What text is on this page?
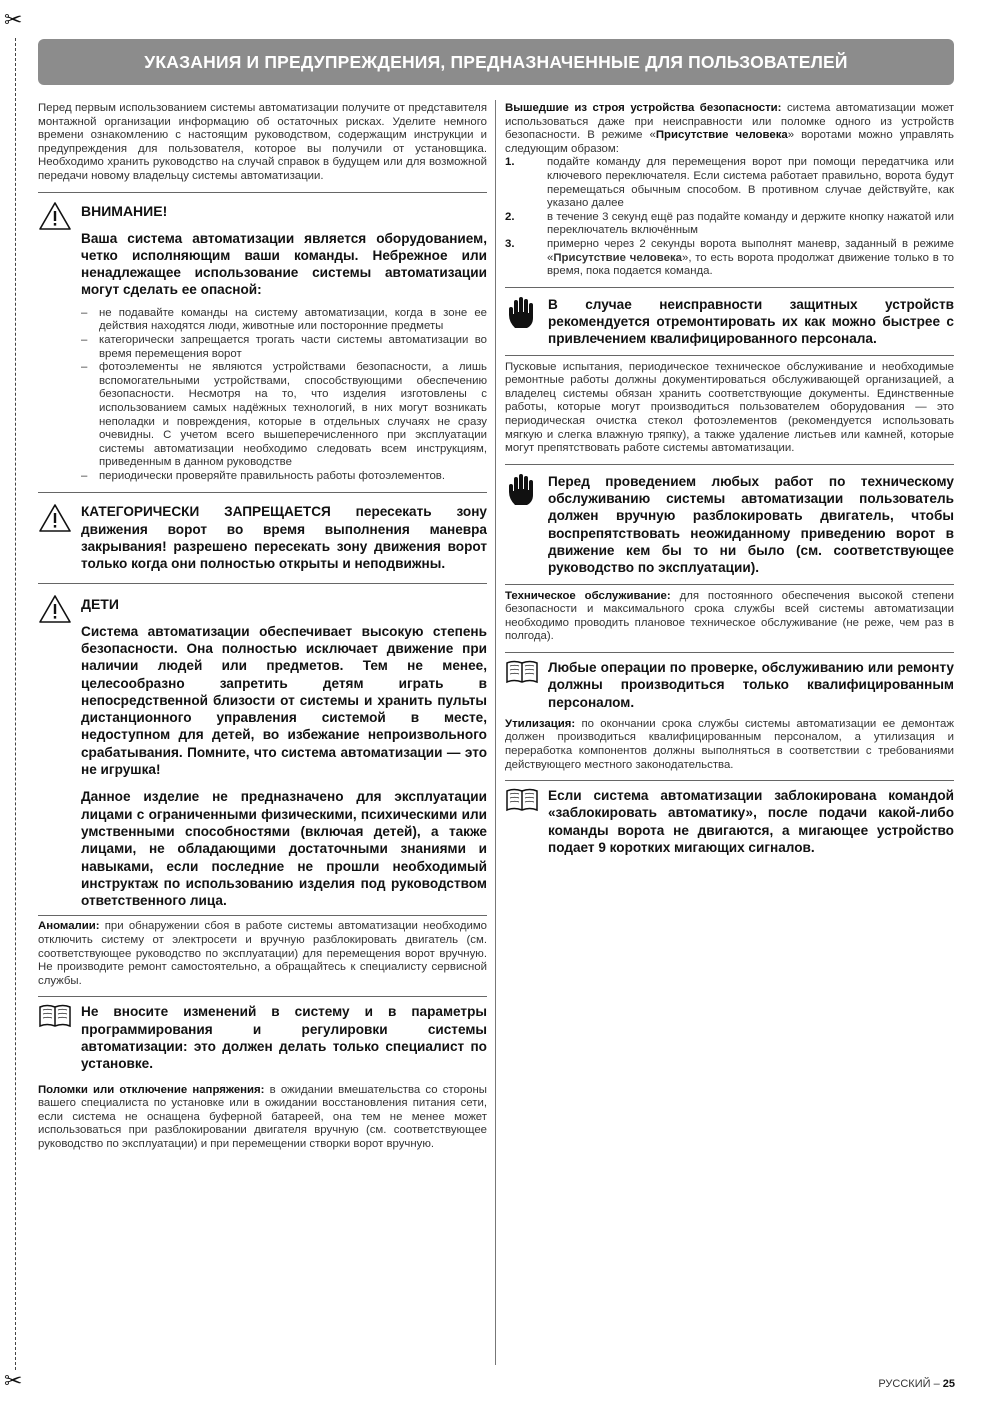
✂
✂
УКАЗАНИЯ И ПРЕДУПРЕЖДЕНИЯ, ПРЕДНАЗНАЧЕННЫЕ ДЛЯ ПОЛЬЗОВАТЕЛЕЙ

Перед первым использованием системы автоматизации получите от представителя монтажной организации информацию об остаточных рисках. Уделите немного времени ознакомлению с настоящим руководством, содержащим инструкции и предупреждения для пользователя, которое вы получили от установщика. Необходимо хранить руководство на случай справок в будущем или для возможной передачи новому владельцу системы автоматизации.

ВНИМАНИЕ!

Ваша система автоматизации является оборудованием, четко исполняющим ваши команды. Небрежное или ненадлежащее использование системы автоматизации могут сделать ее опасной:

– не подавайте команды на систему автоматизации, когда в зоне ее действия находятся люди, животные или посторонние предметы
– категорически запрещается трогать части системы автоматизации во время перемещения ворот
– фотоэлементы не являются устройствами безопасности, а лишь вспомогательными устройствами, способствующими обеспечению безопасности. Несмотря на то, что изделия изготовлены с использованием самых надёжных технологий, в них могут возникать неполадки и повреждения, которые в отдельных случаях не сразу очевидны. С учетом всего вышеперечисленного при эксплуатации системы автоматизации необходимо следовать всем инструкциям, приведенным в данном руководстве
– периодически проверяйте правильность работы фотоэлементов.

КАТЕГОРИЧЕСКИ ЗАПРЕЩАЕТСЯ пересекать зону движения ворот во время выполнения маневра закрывания! разрешено пересекать зону движения ворот только когда они полностью открыты и неподвижны.

ДЕТИ

Система автоматизации обеспечивает высокую степень безопасности. Она полностью исключает движение при наличии людей или предметов. Тем не менее, целесообразно запретить детям играть в непосредственной близости от системы и хранить пульты дистанционного управления системой в месте, недоступном для детей, во избежание непроизвольного срабатывания. Помните, что система автоматизации — это не игрушка!

Данное изделие не предназначено для эксплуатации лицами с ограниченными физическими, психическими или умственными способностями (включая детей), а также лицами, не обладающими достаточными знаниями и навыками, если последние не прошли необходимый инструктаж по использованию изделия под руководством ответственного лица.

Аномалии: при обнаружении сбоя в работе системы автоматизации необходимо отключить систему от электросети и вручную разблокировать двигатель (см. соответствующее руководство по эксплуатации) для перемещения ворот вручную. Не производите ремонт самостоятельно, а обращайтесь к специалисту сервисной службы.

Не вносите изменений в систему и в параметры программирования и регулировки системы автоматизации: это должен делать только специалист по установке.

Поломки или отключение напряжения: в ожидании вмешательства со стороны вашего специалиста по установке или в ожидании восстановления питания сети, если система не оснащена буферной батареей, она тем не менее может использоваться при разблокировании двигателя вручную (см. соответствующее руководство по эксплуатации) и при перемещении створки ворот вручную.

Вышедшие из строя устройства безопасности: система автоматизации может использоваться даже при неисправности или поломке одного из устройств безопасности. В режиме «Присутствие человека» воротами можно управлять следующим образом:

1.	подайте команду для перемещения ворот при помощи передатчика или ключевого переключателя. Если система работает правильно, ворота будут перемещаться обычным способом. В противном случае действуйте, как указано далее
2.	в течение 3 секунд ещё раз подайте команду и держите кнопку нажатой или переключатель включённым
3.	примерно через 2 секунды ворота выполнят маневр, заданный в режиме «Присутствие человека», то есть ворота продолжат движение только в то время, пока подается команда.

В случае неисправности защитных устройств рекомендуется отремонтировать их как можно быстрее с привлечением квалифицированного персонала.

Пусковые испытания, периодическое техническое обслуживание и необходимые ремонтные работы должны документироваться обслуживающей организацией, а владелец системы обязан хранить соответствующие документы. Единственные работы, которые могут производиться пользователем оборудования — это периодическая очистка стекол фотоэлементов (рекомендуется использовать мягкую и слегка влажную тряпку), а также удаление листьев или камней, которые могут препятствовать работе системы автоматизации.

Перед проведением любых работ по техническому обслуживанию системы автоматизации пользователь должен вручную разблокировать двигатель, чтобы воспрепятствовать неожиданному приведению ворот в движение кем бы то ни было (см. соответствующее руководство по эксплуатации).

Техническое обслуживание: для постоянного обеспечения высокой степени безопасности и максимального срока службы всей системы автоматизации необходимо проводить плановое техническое обслуживание (не реже, чем раз в полгода).

Любые операции по проверке, обслуживанию или ремонту должны производиться только квалифицированным персоналом.

Утилизация: по окончании срока службы системы автоматизации ее демонтаж должен производиться квалифицированным персоналом, а утилизация и переработка компонентов должны выполняться в соответствии с требованиями действующего местного законодательства.

Если система автоматизации заблокирована командой «заблокировать автоматику», после подачи какой-либо команды ворота не двигаются, а мигающее устройство подает 9 коротких мигающих сигналов.

РУССКИЙ – 25
